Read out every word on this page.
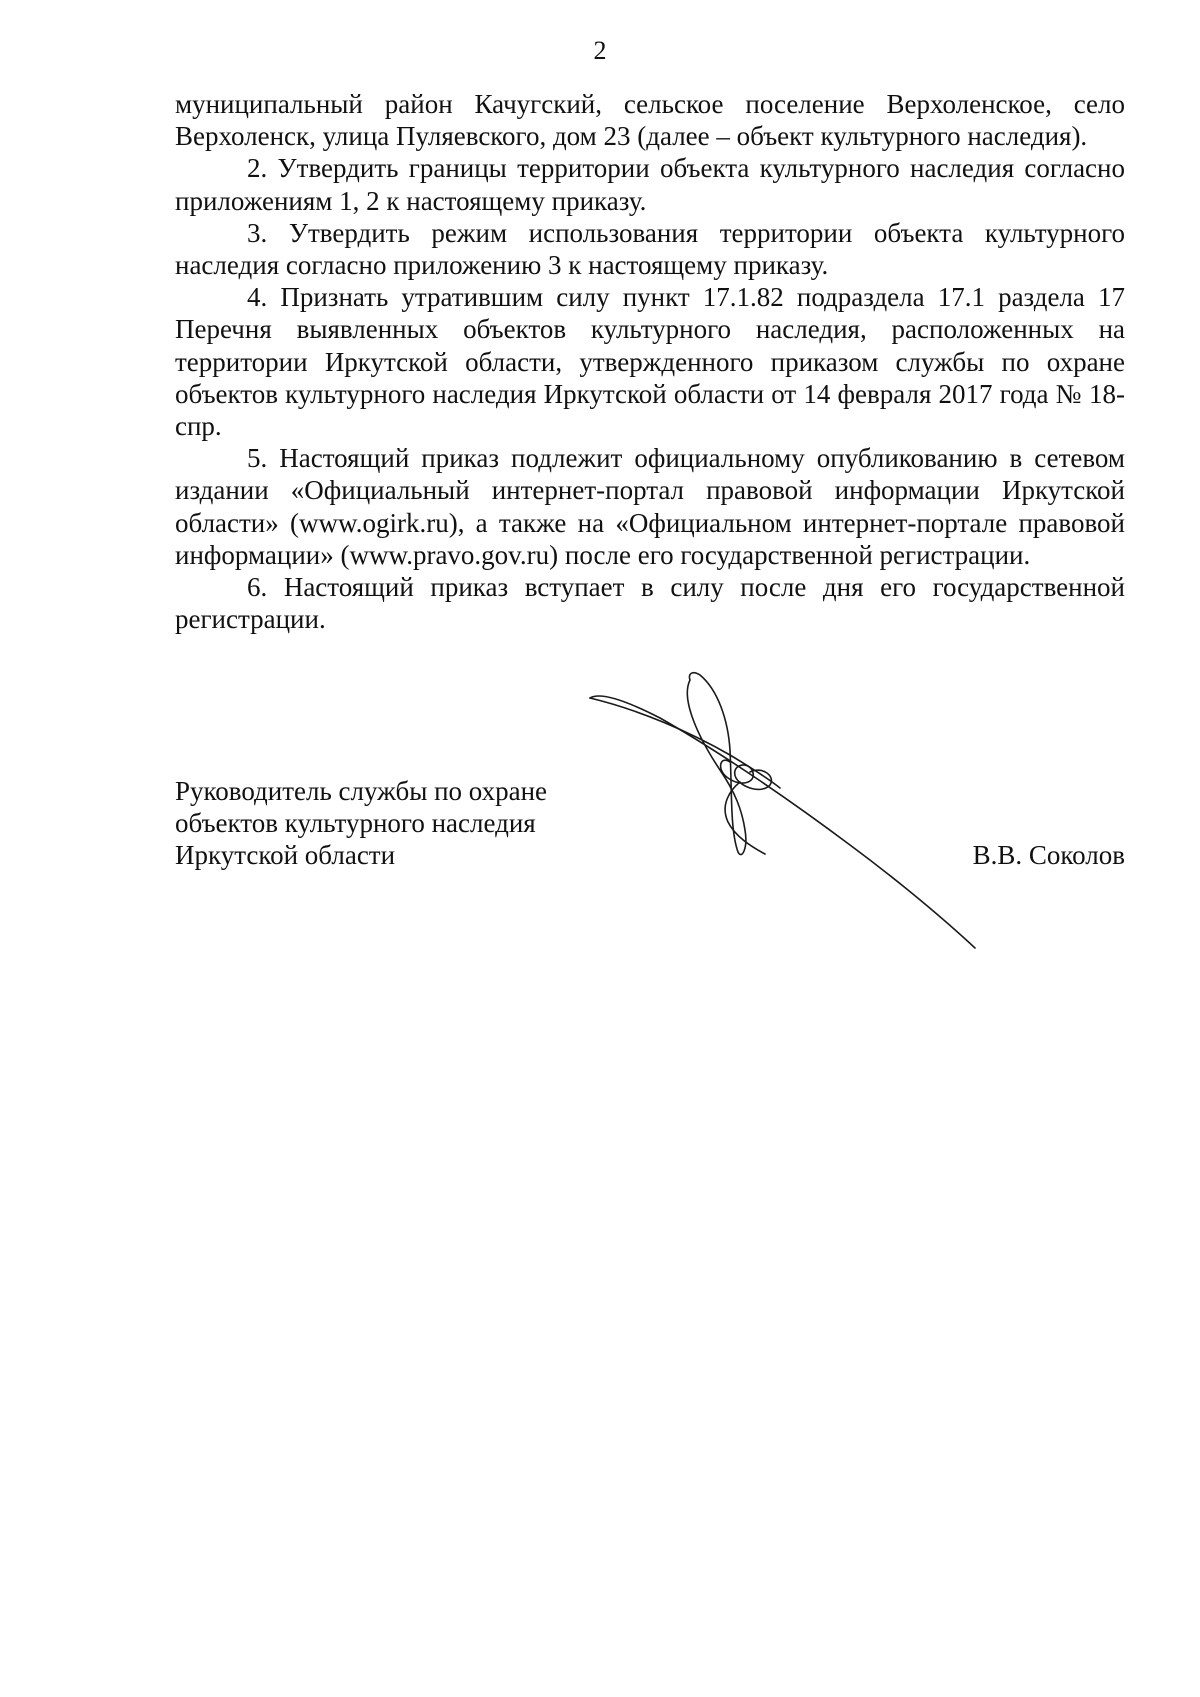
2

муниципальный район Качугский, сельское поселение Верхоленское, село Верхоленск, улица Пуляевского, дом 23 (далее – объект культурного наследия).

2. Утвердить границы территории объекта культурного наследия согласно приложениям 1, 2 к настоящему приказу.

3. Утвердить режим использования территории объекта культурного наследия согласно приложению 3 к настоящему приказу.

4. Признать утратившим силу пункт 17.1.82 подраздела 17.1 раздела 17 Перечня выявленных объектов культурного наследия, расположенных на территории Иркутской области, утвержденного приказом службы по охране объектов культурного наследия Иркутской области от 14 февраля 2017 года № 18-спр.

5. Настоящий приказ подлежит официальному опубликованию в сетевом издании «Официальный интернет-портал правовой информации Иркутской области» (www.ogirk.ru), а также на «Официальном интернет-портале правовой информации» (www.pravo.gov.ru) после его государственной регистрации.

6. Настоящий приказ вступает в силу после дня его государственной регистрации.

Руководитель службы по охране
объектов культурного наследия
Иркутской области	В.В. Соколов
